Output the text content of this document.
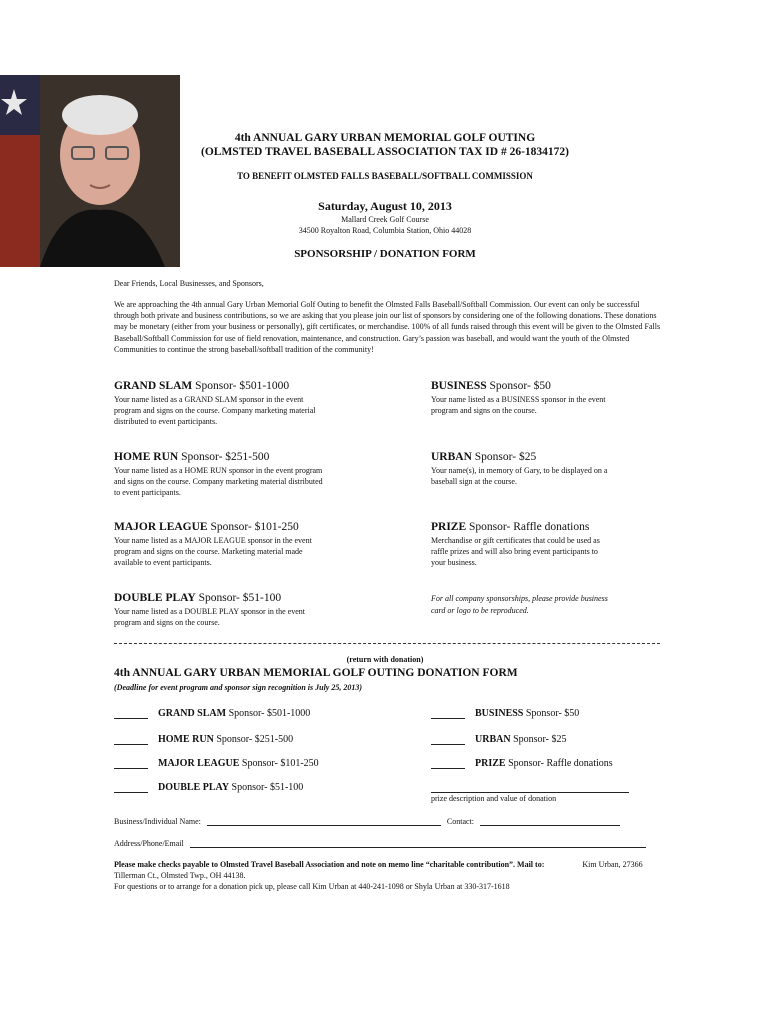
4th ANNUAL GARY URBAN MEMORIAL GOLF OUTING
(OLMSTED TRAVEL BASEBALL ASSOCIATION TAX ID # 26-1834172)
TO BENEFIT OLMSTED FALLS BASEBALL/SOFTBALL COMMISSION
Saturday, August 10, 2013
Mallard Creek Golf Course
34500 Royalton Road, Columbia Station, Ohio 44028
SPONSORSHIP / DONATION FORM
Dear Friends, Local Businesses, and Sponsors,
We are approaching the 4th annual Gary Urban Memorial Golf Outing to benefit the Olmsted Falls Baseball/Softball Commission. Our event can only be successful through both private and business contributions, so we are asking that you please join our list of sponsors by considering one of the following donations. These donations may be monetary (either from your business or personally), gift certificates, or merchandise. 100% of all funds raised through this event will be given to the Olmsted Falls Baseball/Softball Commission for use of field renovation, maintenance, and construction. Gary’s passion was baseball, and would want the youth of the Olmsted Communities to continue the strong baseball/softball tradition of the community!
GRAND SLAM Sponsor- $501-1000
Your name listed as a GRAND SLAM sponsor in the event program and signs on the course. Company marketing material distributed to event participants.
HOME RUN Sponsor- $251-500
Your name listed as a HOME RUN sponsor in the event program and signs on the course. Company marketing material distributed to event participants.
MAJOR LEAGUE Sponsor- $101-250
Your name listed as a MAJOR LEAGUE sponsor in the event program and signs on the course. Marketing material made available to event participants.
DOUBLE PLAY Sponsor- $51-100
Your name listed as a DOUBLE PLAY sponsor in the event program and signs on the course.
BUSINESS Sponsor- $50
Your name listed as a BUSINESS sponsor in the event program and signs on the course.
URBAN Sponsor- $25
Your name(s), in memory of Gary, to be displayed on a baseball sign at the course.
PRIZE Sponsor- Raffle donations
Merchandise or gift certificates that could be used as raffle prizes and will also bring event participants to your business.
For all company sponsorships, please provide business card or logo to be reproduced.
(return with donation)
4th ANNUAL GARY URBAN MEMORIAL GOLF OUTING DONATION FORM
(Deadline for event program and sponsor sign recognition is July 25, 2013)
GRAND SLAM Sponsor- $501-1000
HOME RUN Sponsor- $251-500
MAJOR LEAGUE Sponsor- $101-250
DOUBLE PLAY Sponsor- $51-100
BUSINESS Sponsor- $50
URBAN Sponsor- $25
PRIZE Sponsor- Raffle donations
prize description and value of donation
Business/Individual Name:	Contact:
Address/Phone/Email
Please make checks payable to Olmsted Travel Baseball Association and note on memo line “charitable contribution”. Mail to:	Kim Urban, 27366 Tillerman Ct., Olmsted Twp., OH 44138.
For questions or to arrange for a donation pick up, please call Kim Urban at 440-241-1098 or Shyla Urban at 330-317-1618
